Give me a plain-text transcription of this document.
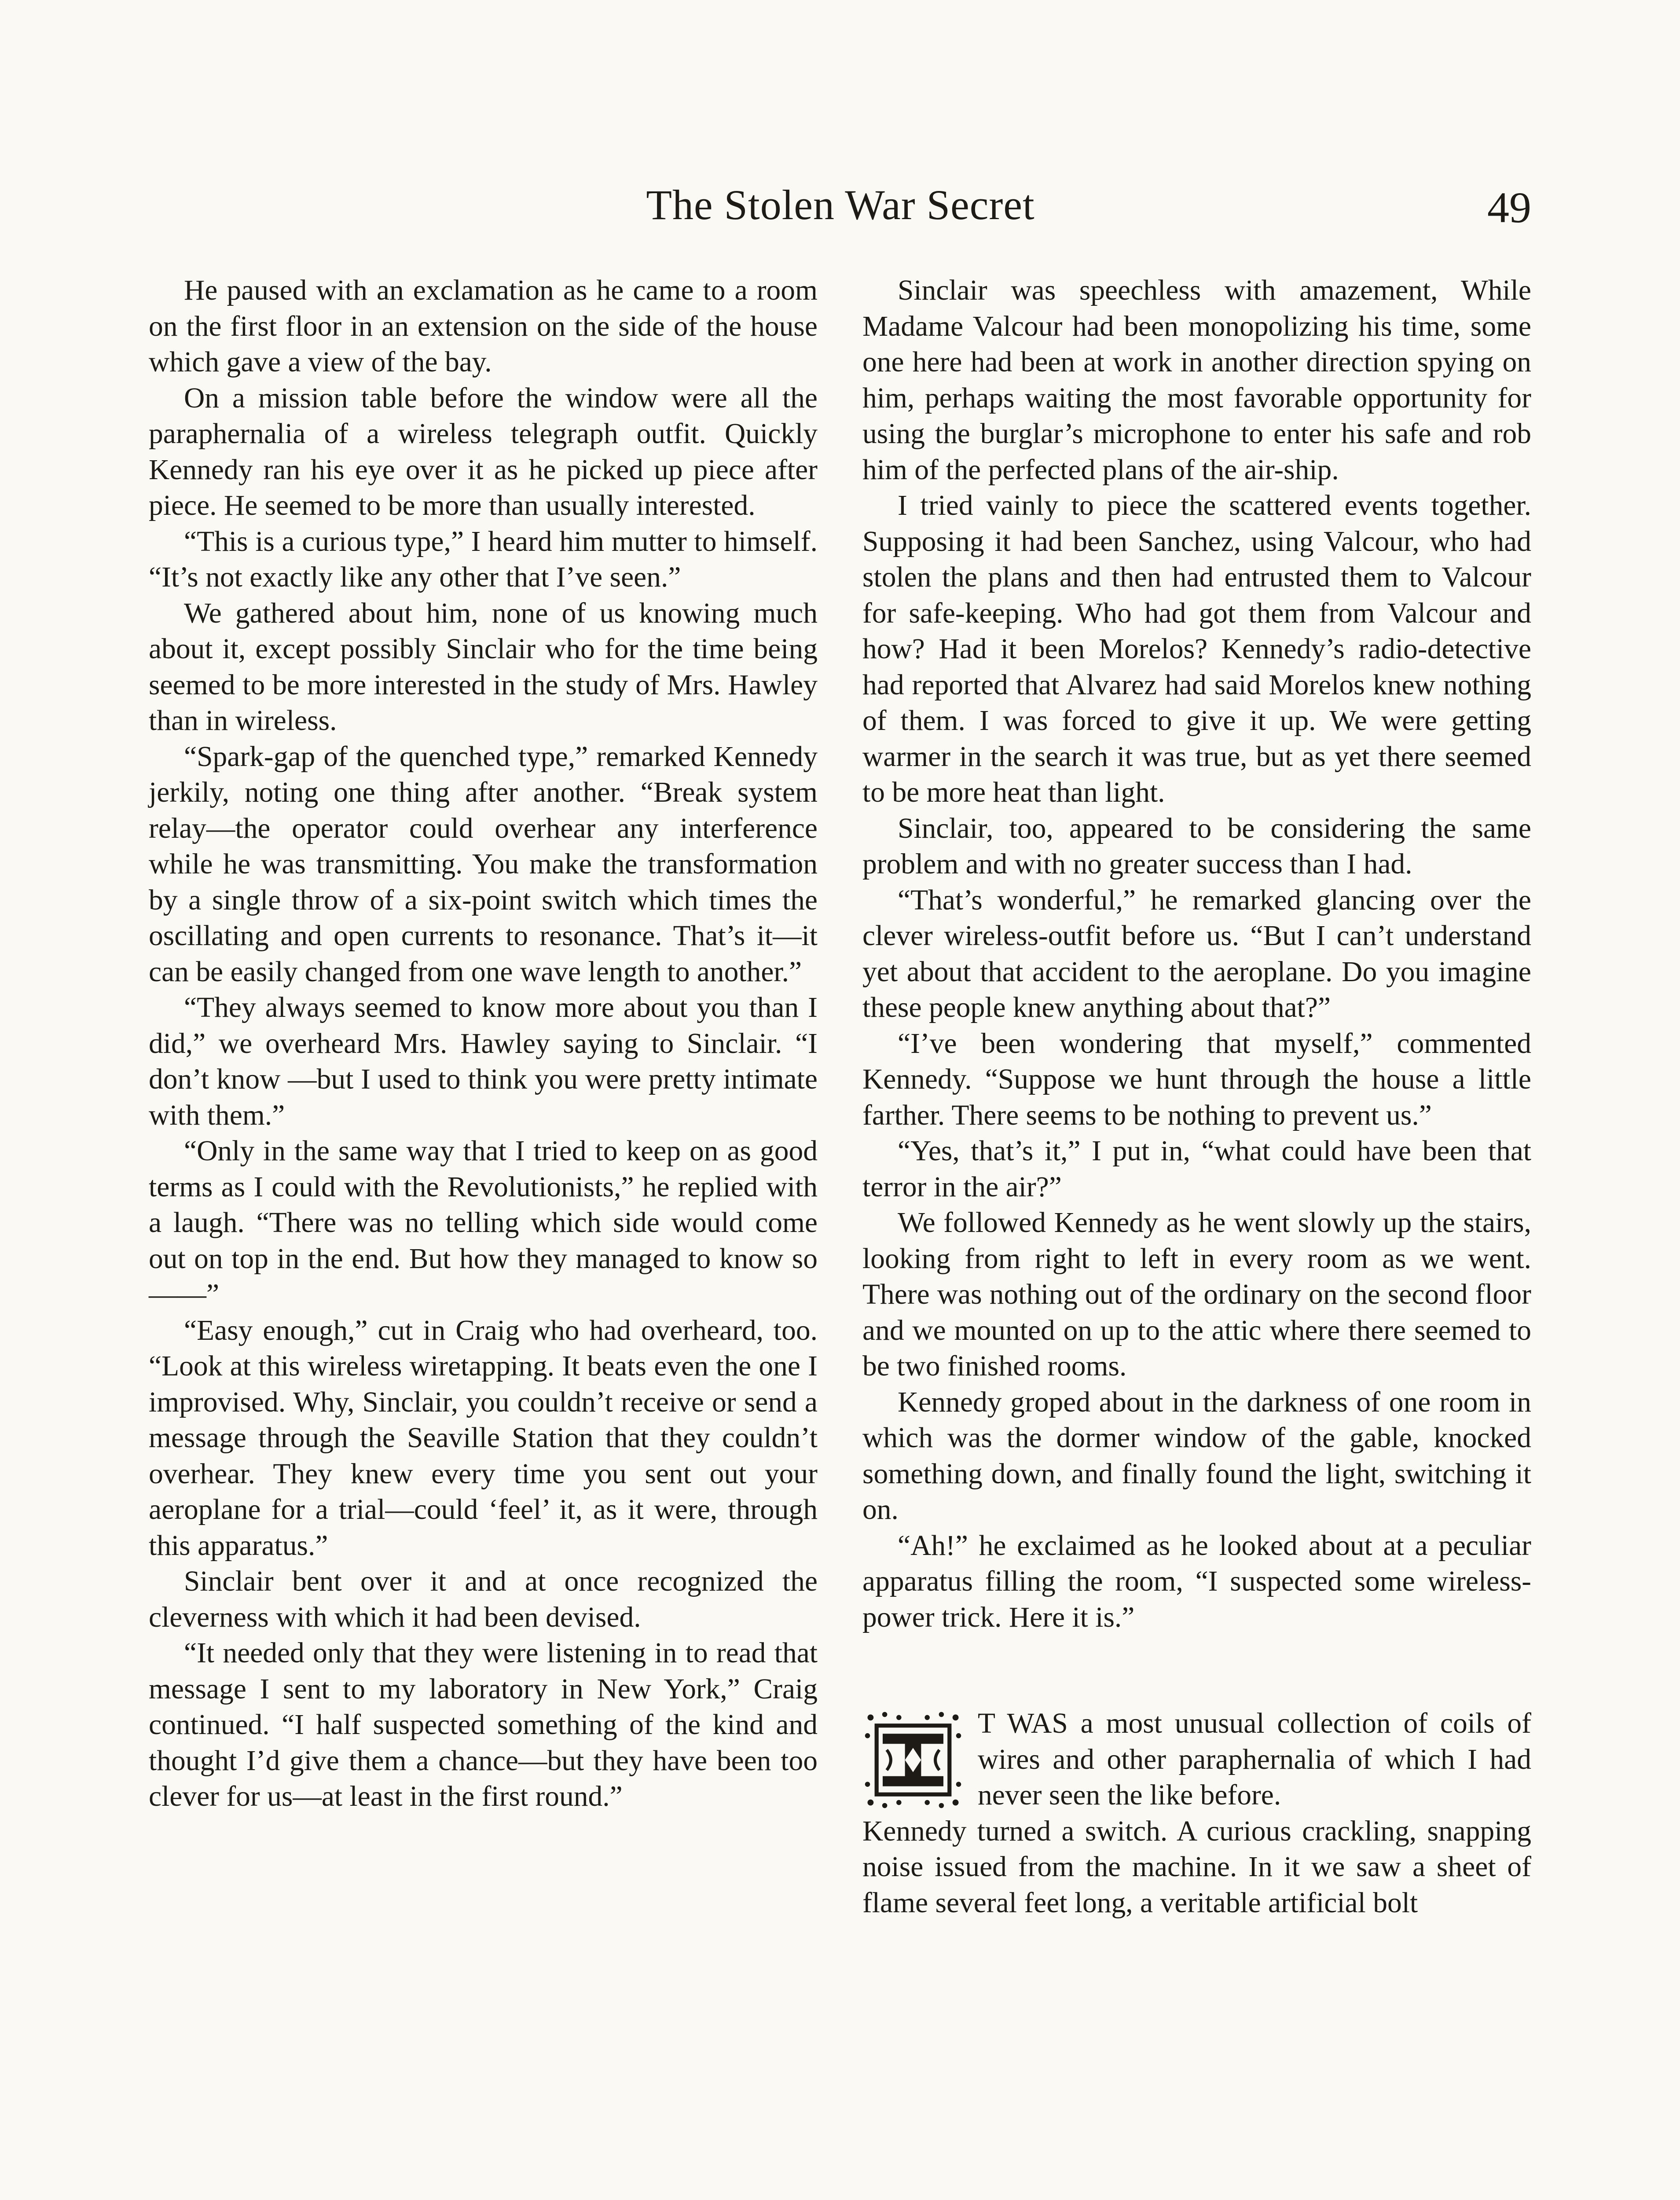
The Stolen War Secret	49

He paused with an exclamation as he came to a room on the first floor in an extension on the side of the house which gave a view of the bay.

On a mission table before the window were all the paraphernalia of a wireless telegraph outfit. Quickly Kennedy ran his eye over it as he picked up piece after piece. He seemed to be more than usually interested.

“This is a curious type,” I heard him mutter to himself. “It’s not exactly like any other that I’ve seen.”

We gathered about him, none of us knowing much about it, except possibly Sinclair who for the time being seemed to be more interested in the study of Mrs. Hawley than in wireless.

“Spark-gap of the quenched type,” remarked Kennedy jerkily, noting one thing after another. “Break system relay—the operator could overhear any interference while he was transmitting. You make the transformation by a single throw of a six-point switch which times the oscillating and open currents to resonance. That’s it—it can be easily changed from one wave length to another.”

“They always seemed to know more about you than I did,” we overheard Mrs. Hawley saying to Sinclair. “I don’t know —but I used to think you were pretty intimate with them.”

“Only in the same way that I tried to keep on as good terms as I could with the Revolutionists,” he replied with a laugh. “There was no telling which side would come out on top in the end. But how they managed to know so——”

“Easy enough,” cut in Craig who had overheard, too. “Look at this wireless wiretapping. It beats even the one I improvised. Why, Sinclair, you couldn’t receive or send a message through the Seaville Station that they couldn’t overhear. They knew every time you sent out your aeroplane for a trial—could ‘feel’ it, as it were, through this apparatus.”

Sinclair bent over it and at once recognized the cleverness with which it had been devised.

“It needed only that they were listening in to read that message I sent to my laboratory in New York,” Craig continued. “I half suspected something of the kind and thought I’d give them a chance—but they have been too clever for us—at least in the first round.”

Sinclair was speechless with amazement, While Madame Valcour had been monopolizing his time, some one here had been at work in another direction spying on him, perhaps waiting the most favorable opportunity for using the burglar’s microphone to enter his safe and rob him of the perfected plans of the air-ship.

I tried vainly to piece the scattered events together. Supposing it had been Sanchez, using Valcour, who had stolen the plans and then had entrusted them to Valcour for safe-keeping. Who had got them from Valcour and how? Had it been Morelos? Kennedy’s radio-detective had reported that Alvarez had said Morelos knew nothing of them. I was forced to give it up. We were getting warmer in the search it was true, but as yet there seemed to be more heat than light.

Sinclair, too, appeared to be considering the same problem and with no greater success than I had.

“That’s wonderful,” he remarked glancing over the clever wireless-outfit before us. “But I can’t understand yet about that accident to the aeroplane. Do you imagine these people knew anything about that?”

“I’ve been wondering that myself,” commented Kennedy. “Suppose we hunt through the house a little farther. There seems to be nothing to prevent us.”

“Yes, that’s it,” I put in, “what could have been that terror in the air?”

We followed Kennedy as he went slowly up the stairs, looking from right to left in every room as we went. There was nothing out of the ordinary on the second floor and we mounted on up to the attic where there seemed to be two finished rooms.

Kennedy groped about in the darkness of one room in which was the dormer window of the gable, knocked something down, and finally found the light, switching it on.

“Ah!” he exclaimed as he looked about at a peculiar apparatus filling the room, “I suspected some wireless-power trick. Here it is.”

T WAS a most unusual collection of coils of wires and other paraphernalia of which I had never seen the like before.

Kennedy turned a switch. A curious crackling, snapping noise issued from the machine. In it we saw a sheet of flame several feet long, a veritable artificial bolt
